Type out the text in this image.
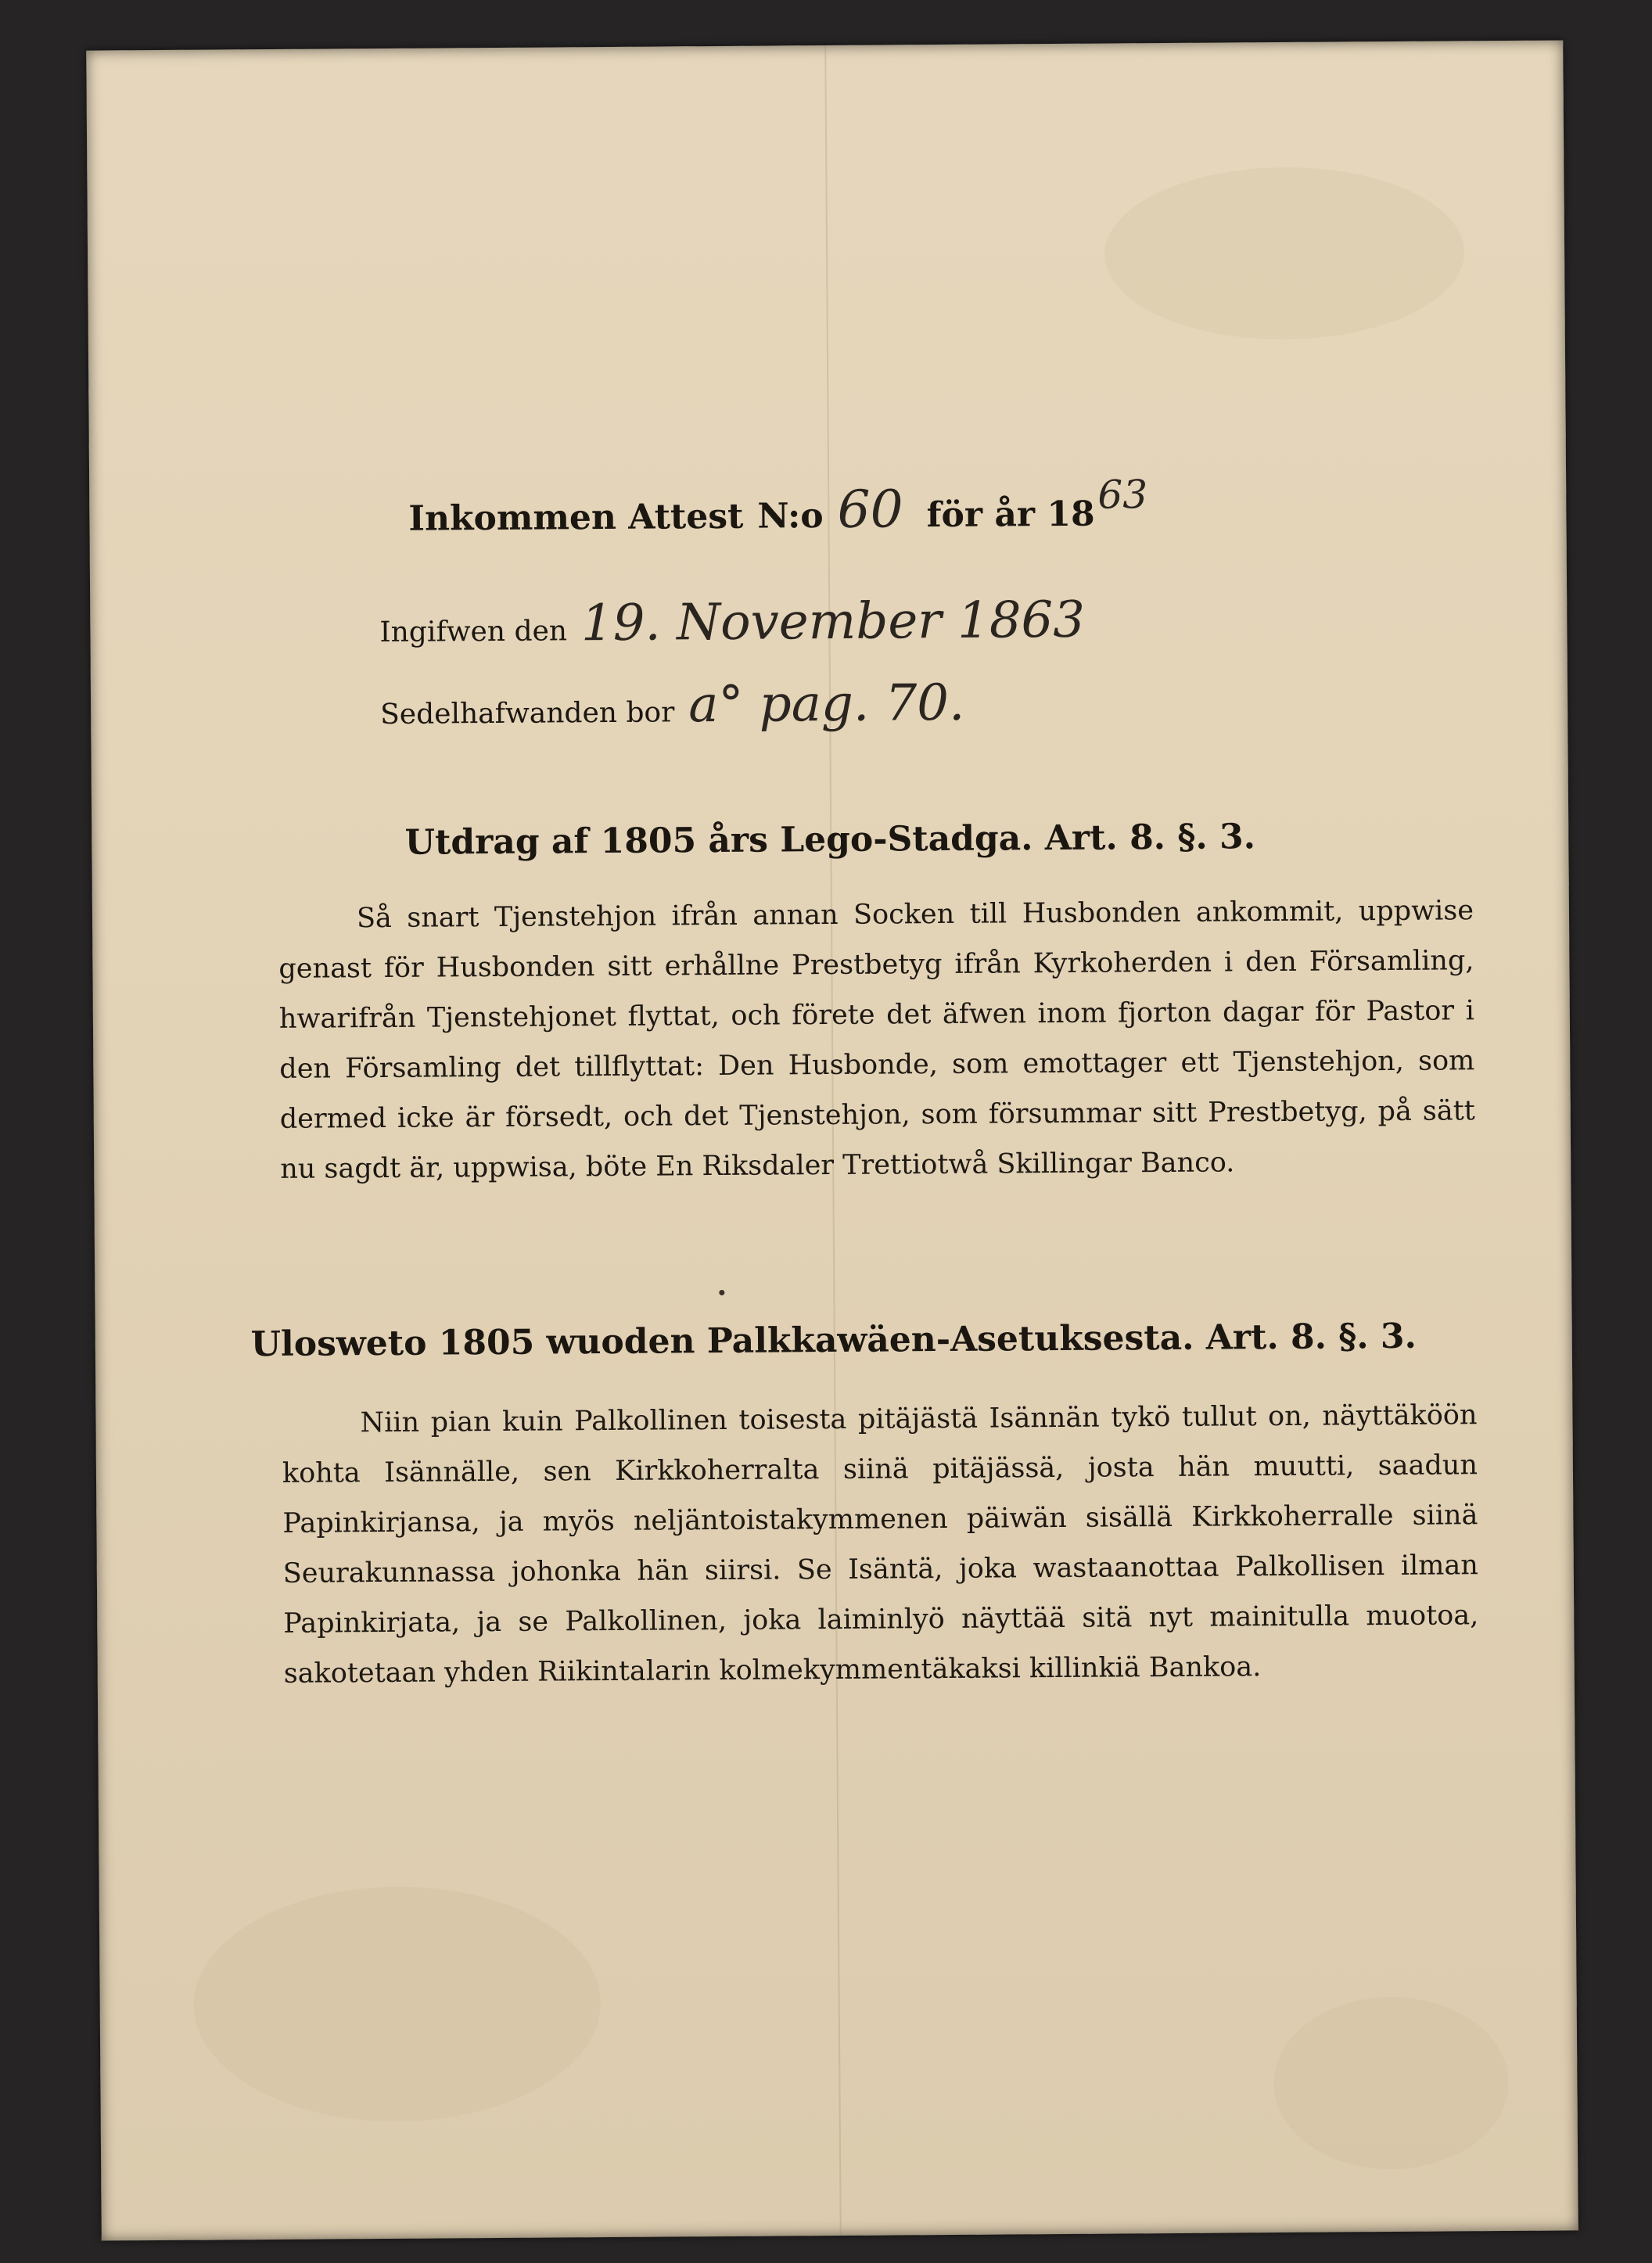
Inkommen Attest N:o 60 för år 18 63
Ingifwen den 19. November 1863
Sedelhafwanden bor a° pag. 70.
Utdrag af 1805 års Lego-Stadga. Art. 8. §. 3.

Så snart Tjenstehjon ifrån annan Socken till Husbonden ankommit, uppwise genast för Husbonden sitt erhållne Prestbetyg ifrån Kyrkoherden i den Församling, hwarifrån Tjenstehjonet flyttat, och förete det äfwen inom fjorton dagar för Pastor i den Församling det tillflyttat: Den Husbonde, som emottager ett Tjenstehjon, som dermed icke är försedt, och det Tjenstehjon, som försummar sitt Prestbetyg, på sätt nu sagdt är, uppwisa, böte En Riksdaler Trettiotwå Skillingar Banco.

Ulosweto 1805 wuoden Palkkawäen-Asetuksesta. Art. 8. §. 3.

Niin pian kuin Palkollinen toisesta pitäjästä Isännän tykö tullut on, näyttäköön kohta Isännälle, sen Kirkkoherralta siinä pitäjässä, josta hän muutti, saadun Papinkirjansa, ja myös neljäntoistakymmenen päiwän sisällä Kirkkoherralle siinä Seurakunnassa johonka hän siirsi. Se Isäntä, joka wastaanottaa Palkollisen ilman Papinkirjata, ja se Palkollinen, joka laiminlyö näyttää sitä nyt mainitulla muotoa, sakotetaan yhden Riikintalarin kolmekymmentäkaksi killinkiä Bankoa.
